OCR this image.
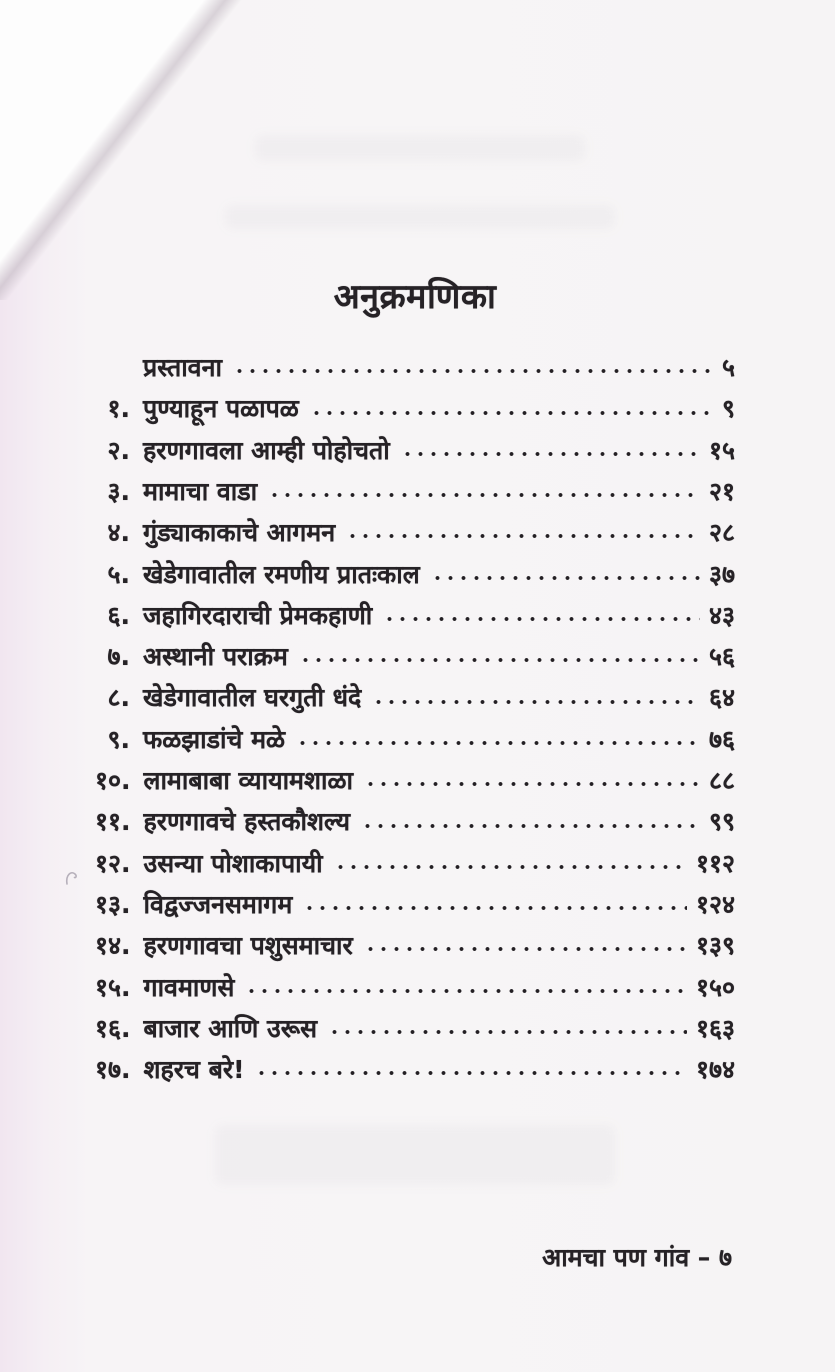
अनुक्रमणिका
प्रस्तावना	५
१. पुण्याहून पळापळ	९
२. हरणगावला आम्ही पोहोचतो	१५
३. मामाचा वाडा	२१
४. गुंड्याकाकाचे आगमन	२८
५. खेडेगावातील रमणीय प्रातःकाल	३७
६. जहागिरदाराची प्रेमकहाणी	४३
७. अस्थानी पराक्रम	५६
८. खेडेगावातील घरगुती धंदे	६४
९. फळझाडांचे मळे	७६
१०. लामाबाबा व्यायामशाळा	८८
११. हरणगावचे हस्तकौशल्य	९९
१२. उसन्या पोशाकापायी	११२
१३. विद्वज्जनसमागम	१२४
१४. हरणगावचा पशुसमाचार	१३९
१५. गावमाणसे	१५०
१६. बाजार आणि उरूस	१६३
१७. शहरच बरे!	१७४
आमचा पण गांव – ७
